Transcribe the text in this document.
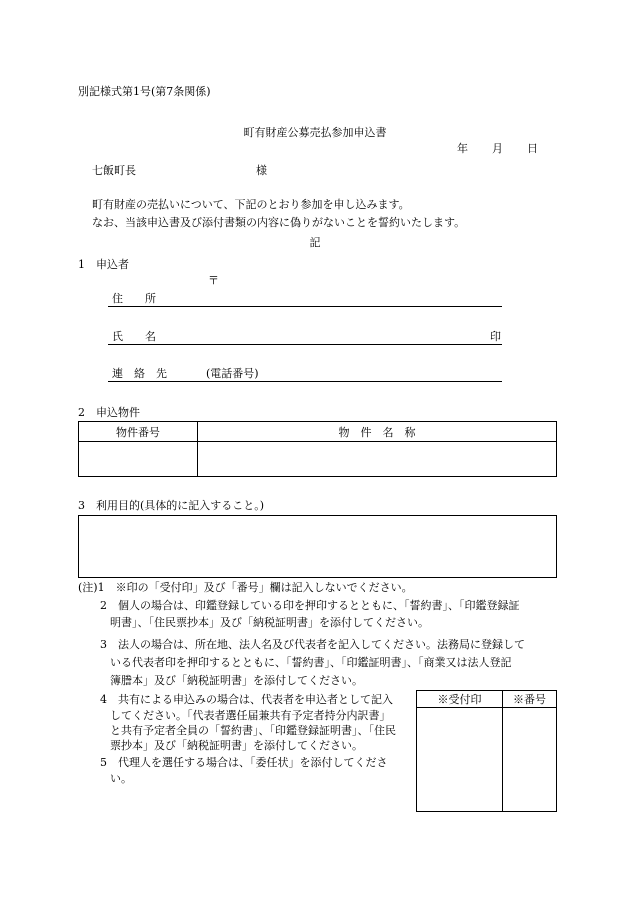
別記様式第1号(第7条関係)
町有財産公募売払参加申込書
年 月 日
七飯町長	様
町有財産の売払いについて、下記のとおり参加を申し込みます。
なお、当該申込書及び添付書類の内容に偽りがないことを誓約いたします。
記
1　申込者
〒
住　　所
氏　　名	印
連　絡　先	(電話番号)
2　申込物件
物件番号	物　件　名　称

3　利用目的(具体的に記入すること。)
(注)1　※印の「受付印」及び「番号」欄は記入しないでください。
2　個人の場合は、印鑑登録している印を押印するとともに、「誓約書」、「印鑑登録証
明書」、「住民票抄本」及び「納税証明書」を添付してください。
3　法人の場合は、所在地、法人名及び代表者を記入してください。法務局に登録して
いる代表者印を押印するとともに、「誓約書」、「印鑑証明書」、「商業又は法人登記
簿謄本」及び「納税証明書」を添付してください。
4　共有による申込みの場合は、代表者を申込者として記入
してください。「代表者選任届兼共有予定者持分内訳書」
と共有予定者全員の「誓約書」、「印鑑登録証明書」、「住民
票抄本」及び「納税証明書」を添付してください。
5　代理人を選任する場合は、「委任状」を添付してくださ
い。
※受付印	※番号
